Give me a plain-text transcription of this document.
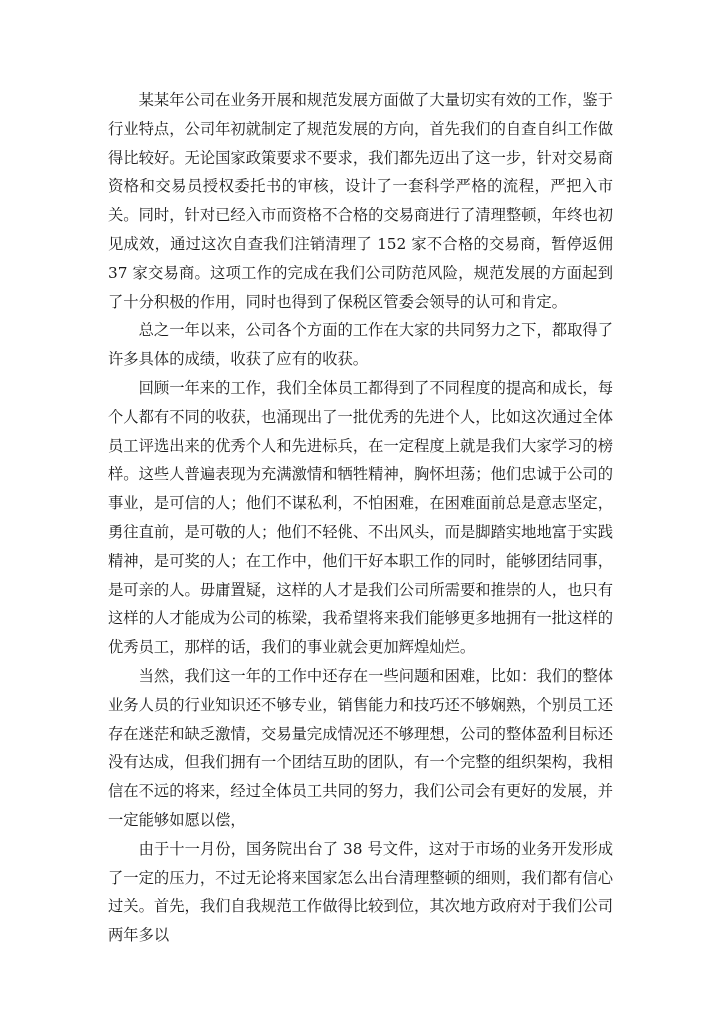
某某年公司在业务开展和规范发展方面做了大量切实有效的工作，鉴于行业特点，公司年初就制定了规范发展的方向，首先我们的自查自纠工作做得比较好。无论国家政策要求不要求，我们都先迈出了这一步，针对交易商资格和交易员授权委托书的审核，设计了一套科学严格的流程，严把入市关。同时，针对已经入市而资格不合格的交易商进行了清理整顿，年终也初见成效，通过这次自查我们注销清理了 152 家不合格的交易商，暂停返佣 37 家交易商。这项工作的完成在我们公司防范风险，规范发展的方面起到了十分积极的作用，同时也得到了保税区管委会领导的认可和肯定。

总之一年以来，公司各个方面的工作在大家的共同努力之下，都取得了许多具体的成绩，收获了应有的收获。

回顾一年来的工作，我们全体员工都得到了不同程度的提高和成长，每个人都有不同的收获，也涌现出了一批优秀的先进个人，比如这次通过全体员工评选出来的优秀个人和先进标兵，在一定程度上就是我们大家学习的榜样。这些人普遍表现为充满激情和牺牲精神，胸怀坦荡；他们忠诚于公司的事业，是可信的人；他们不谋私利，不怕困难，在困难面前总是意志坚定，勇往直前，是可敬的人；他们不轻佻、不出风头，而是脚踏实地地富于实践精神，是可奖的人；在工作中，他们干好本职工作的同时，能够团结同事，是可亲的人。毋庸置疑，这样的人才是我们公司所需要和推崇的人，也只有这样的人才能成为公司的栋梁，我希望将来我们能够更多地拥有一批这样的优秀员工，那样的话，我们的事业就会更加辉煌灿烂。

当然，我们这一年的工作中还存在一些问题和困难，比如：我们的整体业务人员的行业知识还不够专业，销售能力和技巧还不够娴熟，个别员工还存在迷茫和缺乏激情，交易量完成情况还不够理想，公司的整体盈利目标还没有达成，但我们拥有一个团结互助的团队，有一个完整的组织架构，我相信在不远的将来，经过全体员工共同的努力，我们公司会有更好的发展，并一定能够如愿以偿，

由于十一月份，国务院出台了 38 号文件，这对于市场的业务开发形成了一定的压力，不过无论将来国家怎么出台清理整顿的细则，我们都有信心过关。首先，我们自我规范工作做得比较到位，其次地方政府对于我们公司两年多以
